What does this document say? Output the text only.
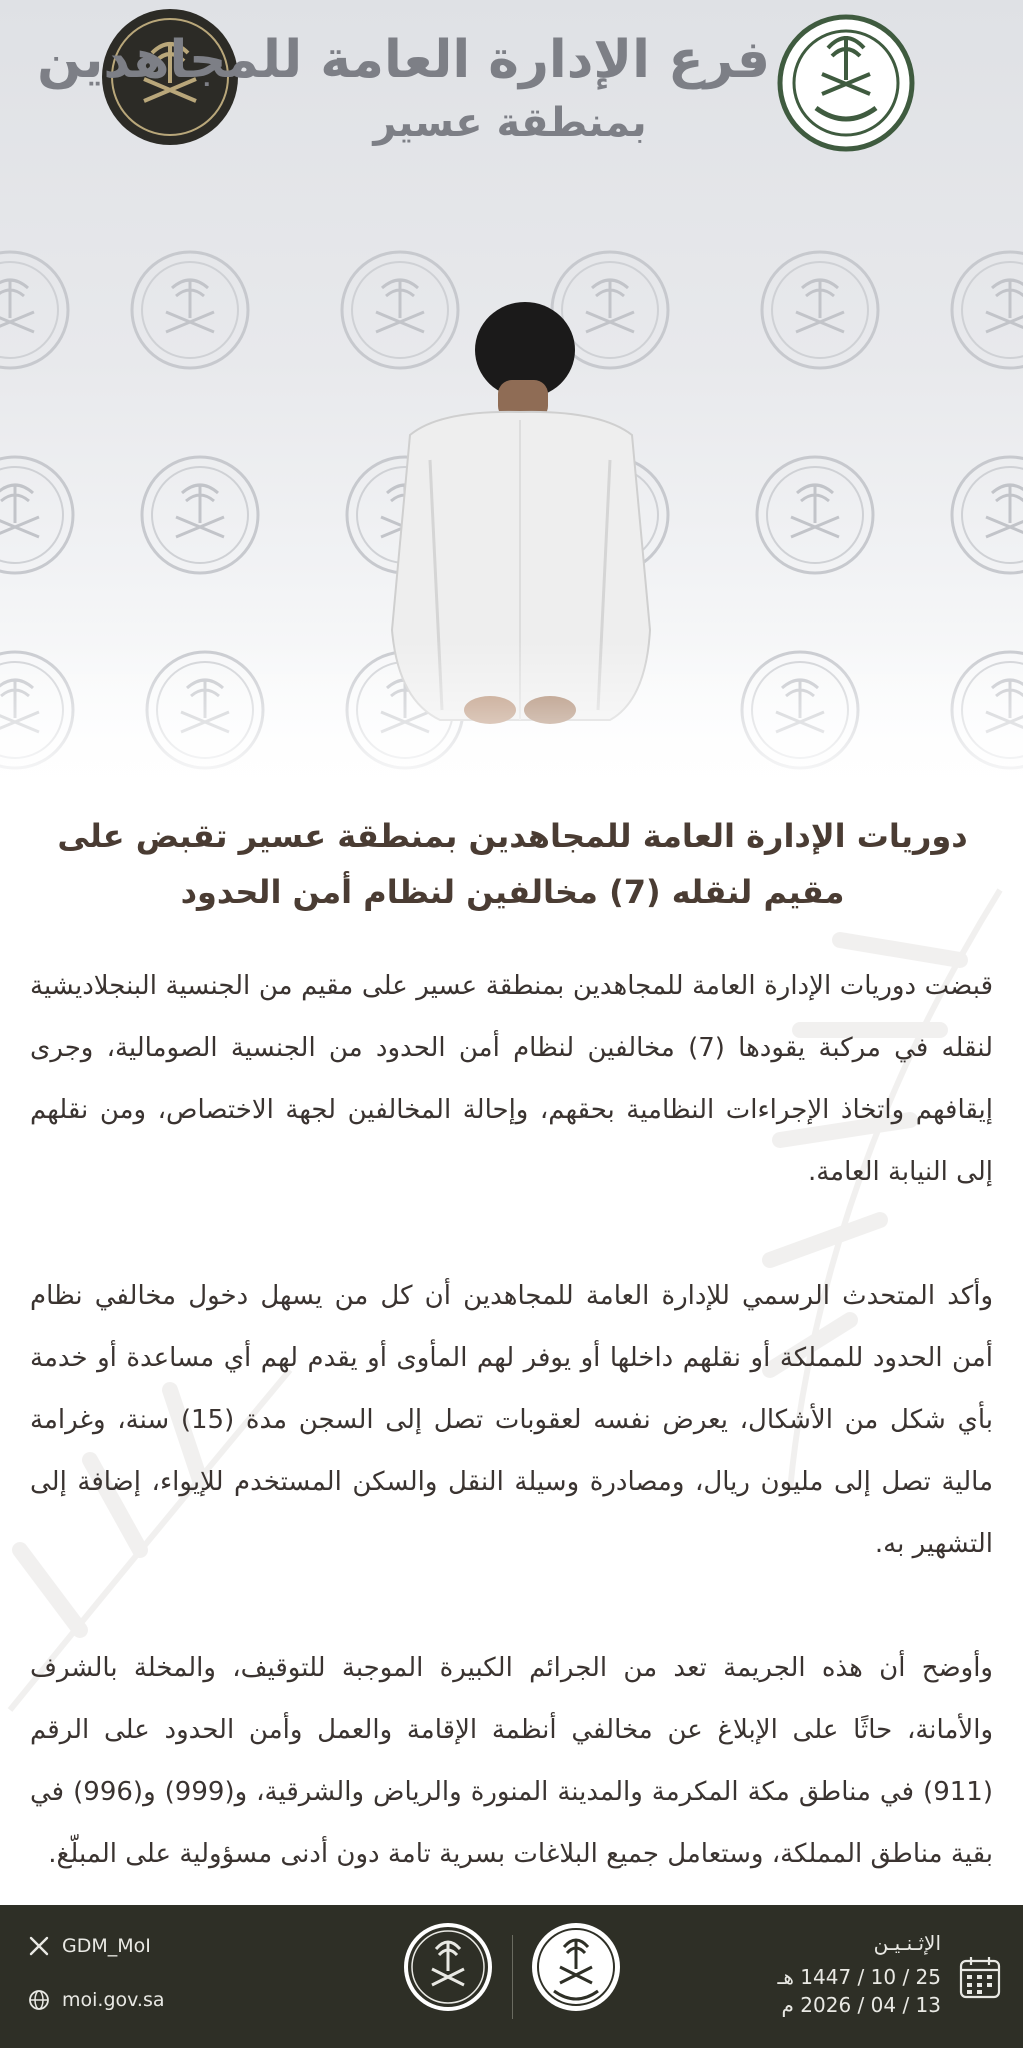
فرع الإدارة العامة للمجاهدين
بمنطقة عسير
دوريات الإدارة العامة للمجاهدين بمنطقة عسير تقبض على
مقيم لنقله (7) مخالفين لنظام أمن الحدود

قبضت دوريات الإدارة العامة للمجاهدين بمنطقة عسير على مقيم من الجنسية البنجلاديشية لنقله في مركبة يقودها (7) مخالفين لنظام أمن الحدود من الجنسية الصومالية، وجرى إيقافهم واتخاذ الإجراءات النظامية بحقهم، وإحالة المخالفين لجهة الاختصاص، ومن نقلهم إلى النيابة العامة.

وأكد المتحدث الرسمي للإدارة العامة للمجاهدين أن كل من يسهل دخول مخالفي نظام أمن الحدود للمملكة أو نقلهم داخلها أو يوفر لهم المأوى أو يقدم لهم أي مساعدة أو خدمة بأي شكل من الأشكال، يعرض نفسه لعقوبات تصل إلى السجن مدة (15) سنة، وغرامة مالية تصل إلى مليون ريال، ومصادرة وسيلة النقل والسكن المستخدم للإيواء، إضافة إلى التشهير به.

وأوضح أن هذه الجريمة تعد من الجرائم الكبيرة الموجبة للتوقيف، والمخلة بالشرف والأمانة، حاثًا على الإبلاغ عن مخالفي أنظمة الإقامة والعمل وأمن الحدود على الرقم (911) في مناطق مكة المكرمة والمدينة المنورة والرياض والشرقية، و(999) و(996) في بقية مناطق المملكة، وستعامل جميع البلاغات بسرية تامة دون أدنى مسؤولية على المبلّغ.

GDM_MoI
moi.gov.sa
الإثـنـيـن
25 / 10 / 1447 هـ
13 / 04 / 2026 م
